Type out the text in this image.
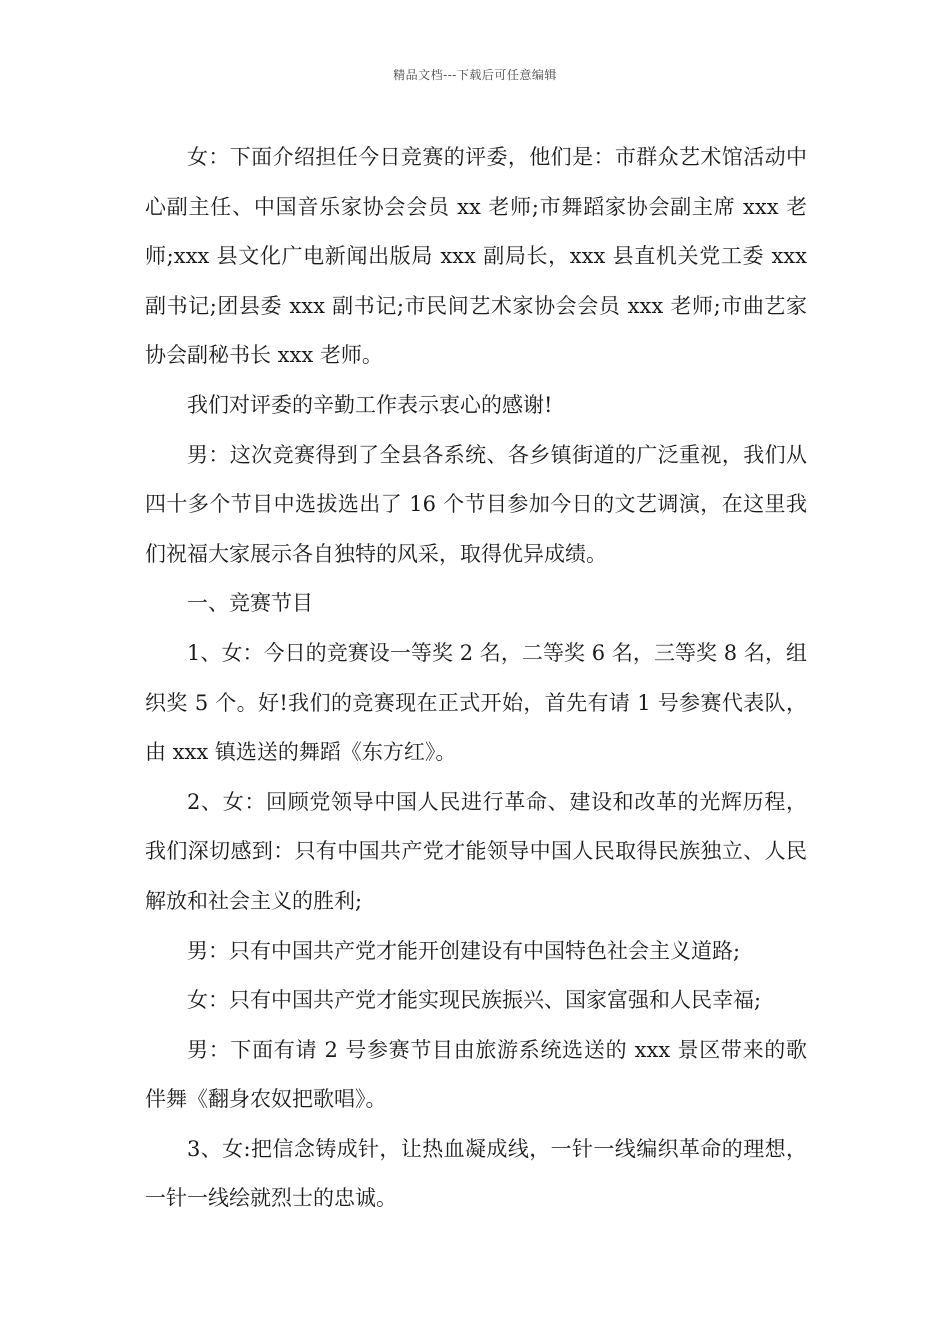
精品文档---下载后可任意编辑

女：下面介绍担任今日竞赛的评委，他们是：市群众艺术馆活动中心副主任、中国音乐家协会会员 xx 老师;市舞蹈家协会副主席 xxx 老师;xxx 县文化广电新闻出版局 xxx 副局长，xxx 县直机关党工委 xxx 副书记;团县委 xxx 副书记;市民间艺术家协会会员 xxx 老师;市曲艺家协会副秘书长 xxx 老师。

我们对评委的辛勤工作表示衷心的感谢!

男：这次竞赛得到了全县各系统、各乡镇街道的广泛重视，我们从四十多个节目中选拔选出了 16 个节目参加今日的文艺调演，在这里我们祝福大家展示各自独特的风采，取得优异成绩。

一、竞赛节目

1、女：今日的竞赛设一等奖 2 名，二等奖 6 名，三等奖 8 名，组织奖 5 个。好!我们的竞赛现在正式开始，首先有请 1 号参赛代表队，由 xxx 镇选送的舞蹈《东方红》。

2、女：回顾党领导中国人民进行革命、建设和改革的光辉历程，我们深切感到：只有中国共产党才能领导中国人民取得民族独立、人民解放和社会主义的胜利;

男：只有中国共产党才能开创建设有中国特色社会主义道路;

女：只有中国共产党才能实现民族振兴、国家富强和人民幸福;

男：下面有请 2 号参赛节目由旅游系统选送的 xxx 景区带来的歌伴舞《翻身农奴把歌唱》。

3、女:把信念铸成针，让热血凝成线，一针一线编织革命的理想，一针一线绘就烈士的忠诚。
